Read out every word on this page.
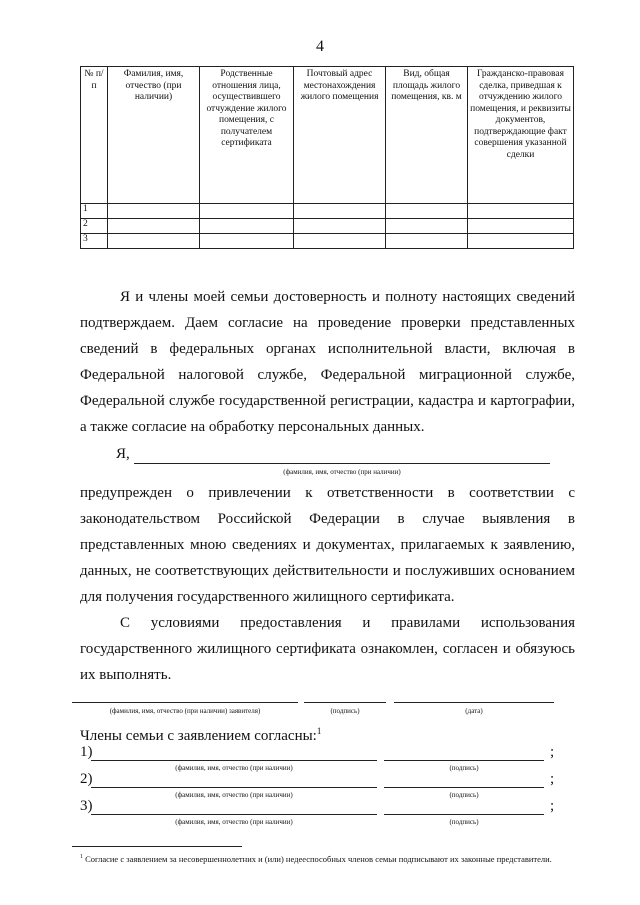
4
№ п/п	Фамилия, имя, отчество (при наличии)	Родственные отношения лица, осуществившего отчуждение жилого помещения, с получателем сертификата	Почтовый адрес местонахождения жилого помещения	Вид, общая площадь жилого помещения, кв. м	Гражданско-правовая сделка, приведшая к отчуждению жилого помещения, и реквизиты документов, подтверждающие факт совершения указанной сделки
1					
2					
3					
Я и члены моей семьи достоверность и полноту настоящих сведений подтверждаем. Даем согласие на проведение проверки представленных сведений в федеральных органах исполнительной власти, включая в Федеральной налоговой службе, Федеральной миграционной службе, Федеральной службе государственной регистрации, кадастра и картографии, а также согласие на обработку персональных данных.
Я,
(фамилия, имя, отчество (при наличии)
предупрежден о привлечении к ответственности в соответствии с законодательством Российской Федерации в случае выявления в представленных мною сведениях и документах, прилагаемых к заявлению, данных, не соответствующих действительности и послуживших основанием для получения государственного жилищного сертификата.
С условиями предоставления и правилами использования государственного жилищного сертификата ознакомлен, согласен и обязуюсь их выполнять.
(фамилия, имя, отчество (при наличии) заявителя)	(подпись)	(дата)
Члены семьи с заявлением согласны:$^1$
1)	;
(фамилия, имя, отчество (при наличии)	(подпись)
2)	;
(фамилия, имя, отчество (при наличии)	(подпись)
3)	;
(фамилия, имя, отчество (при наличии)	(подпись)
$^1$ Согласие с заявлением за несовершеннолетних и (или) недееспособных членов семьи подписывают их законные представители.
